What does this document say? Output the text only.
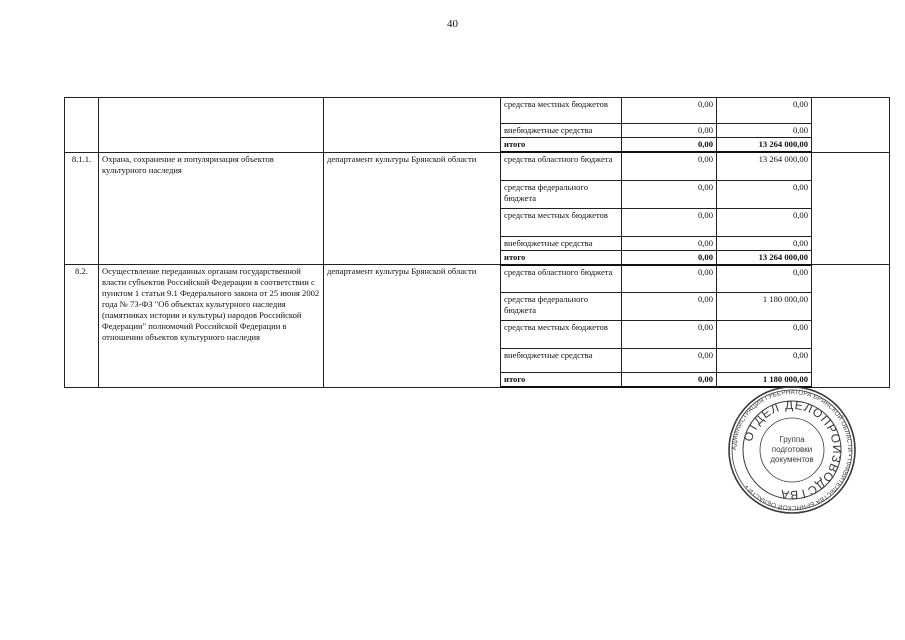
40
			средства местных бюджетов	0,00	0,00	
			внебюджетные средства	0,00	0,00	
			итого	0,00	13 264 000,00	
8.1.1.	Охрана, сохранение и популяризация объектов культурного наследия	департамент культуры Брянской области	средства областного бюджета	0,00	13 264 000,00	
			средства федерального бюджета	0,00	0,00	
			средства местных бюджетов	0,00	0,00	
			внебюджетные средства	0,00	0,00	
			итого	0,00	13 264 000,00	
8.2.	Осуществление переданных органам государственной власти субъектов Российской Федерации в соответствии с пунктом 1 статьи 9.1 Федерального закона от 25 июня 2002 года № 73-ФЗ "Об объектах культурного наследия (памятниках истории и культуры) народов Российской Федерации" полномочий Российской Федерации в отношении объектов культурного наследия	департамент культуры Брянской области	средства областного бюджета	0,00	0,00	
			средства федерального бюджета	0,00	1 180 000,00	
			средства местных бюджетов	0,00	0,00	
			внебюджетные средства	0,00	0,00	
			итого	0,00	1 180 000,00	
АДМИНИСТРАЦИЯ ГУБЕРНАТОРА БРЯНСКОЙ ОБЛАСТИ • ПРАВИТЕЛЬСТВА БРЯНСКОЙ ОБЛАСТИ •
ОТДЕЛ ДЕЛОПРОИЗВОДСТВА
Группа
подготовки
документов
